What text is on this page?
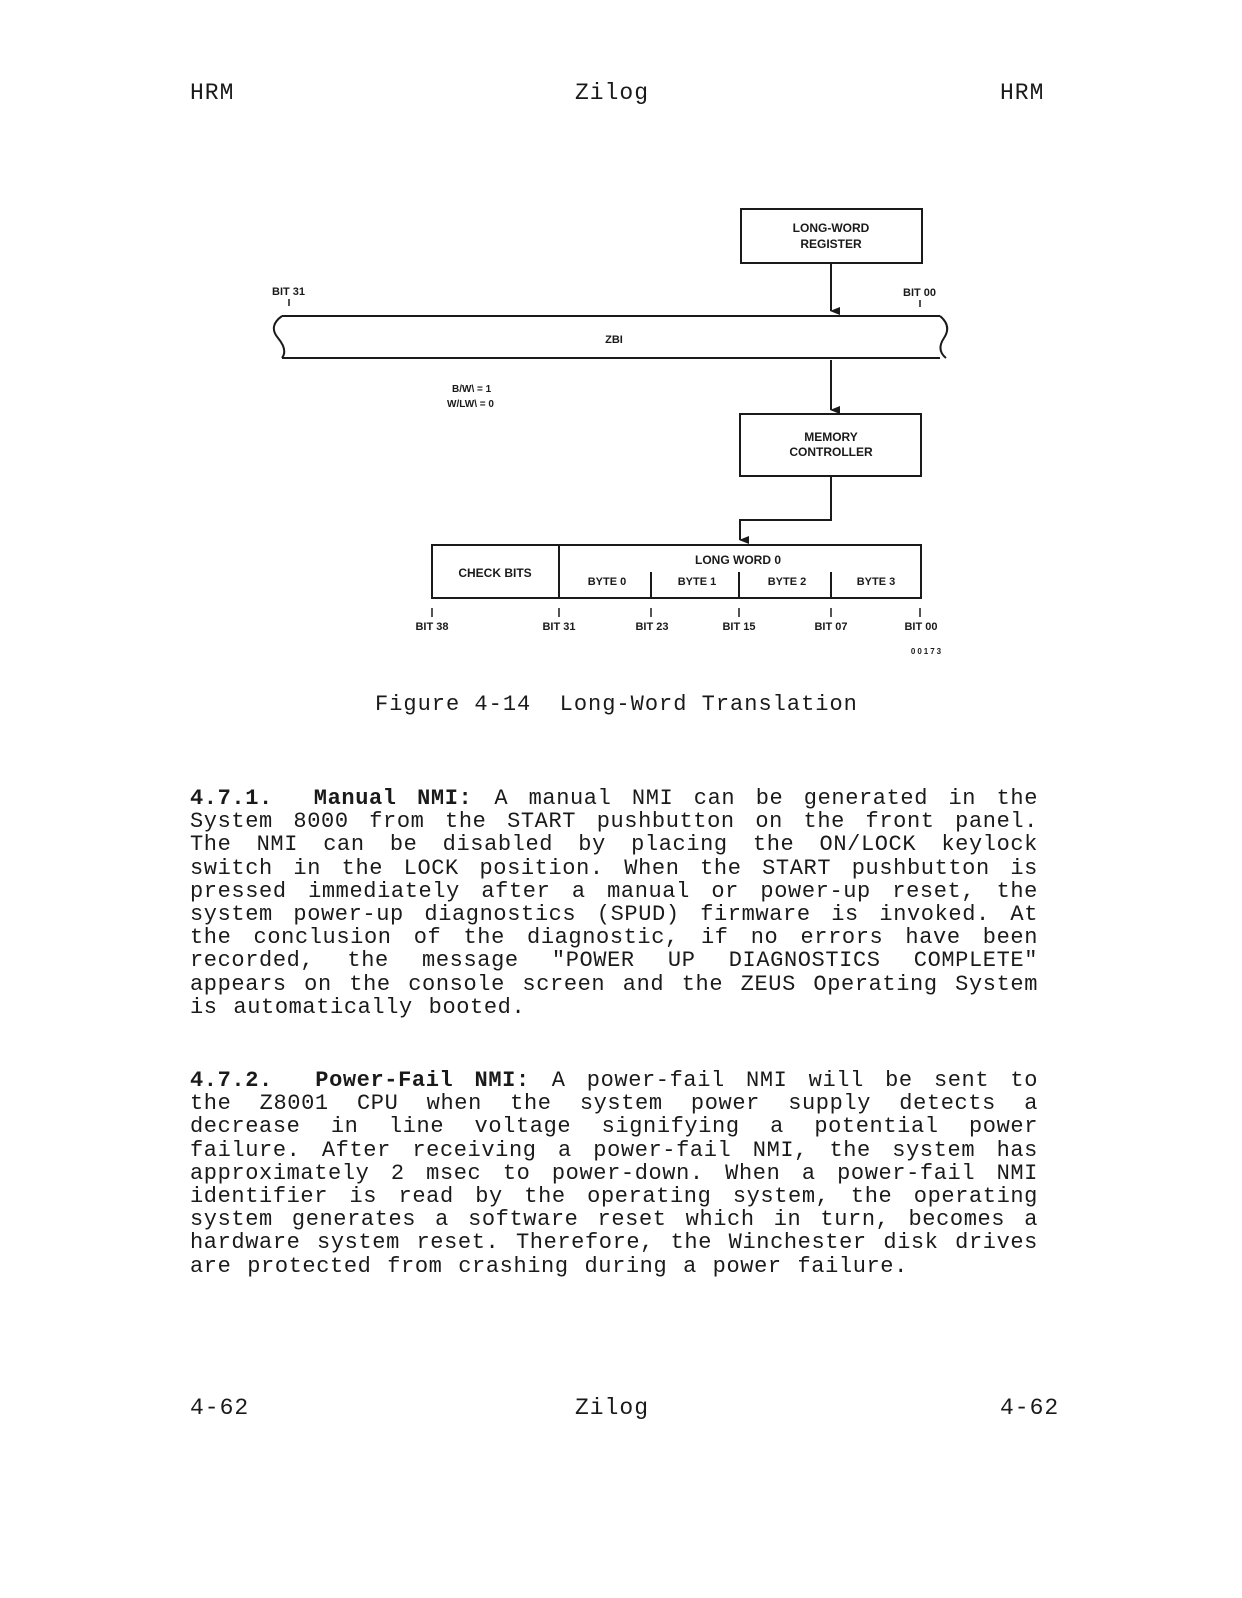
HRM	Zilog	HRM
LONG-WORD
REGISTER
BIT 31	BIT 00
ZBI
B/W\ = 1
W/LW\ = 0
MEMORY
CONTROLLER
CHECK BITS
LONG WORD 0
BYTE 0	BYTE 1	BYTE 2	BYTE 3
BIT 38	BIT 31	BIT 23	BIT 15	BIT 07	BIT 00
00173
Figure 4-14  Long-Word Translation
4.7.1.  Manual NMI: A manual NMI can be generated in the System 8000 from the START pushbutton on the front panel. The NMI can be disabled by placing the ON/LOCK keylock switch in the LOCK position. When the START pushbutton is pressed immediately after a manual or power-up reset, the system power-up diagnostics (SPUD) firmware is invoked. At the conclusion of the diagnostic, if no errors have been recorded, the message "POWER UP DIAGNOSTICS COMPLETE" appears on the console screen and the ZEUS Operating System is automatically booted.
4.7.2.  Power-Fail NMI: A power-fail NMI will be sent to the Z8001 CPU when the system power supply detects a decrease in line voltage signifying a potential power failure. After receiving a power-fail NMI, the system has approximately 2 msec to power-down. When a power-fail NMI identifier is read by the operating system, the operating system generates a software reset which in turn, becomes a hardware system reset. Therefore, the Winchester disk drives are protected from crashing during a power failure.
4-62	Zilog	4-62
